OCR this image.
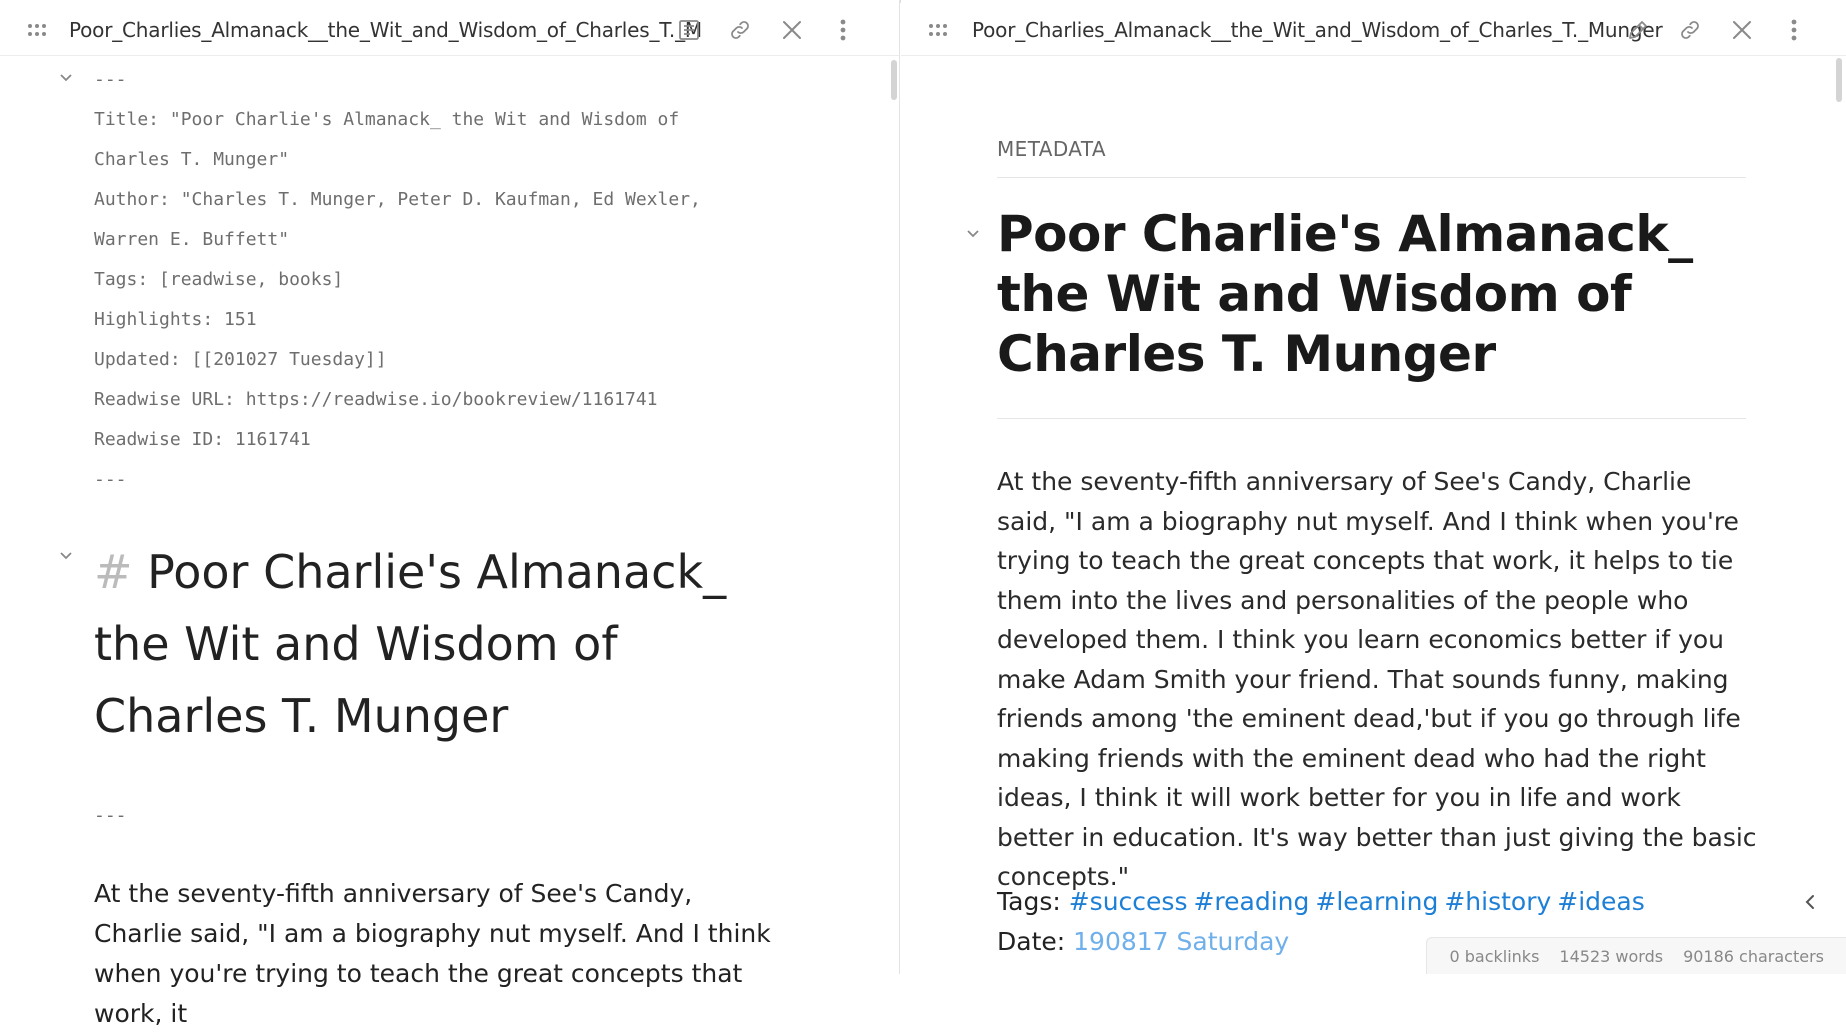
Poor_Charlies_Almanack__the_Wit_and_Wisdom_of_Charles_T._M
---
Title: "Poor Charlie's Almanack_ the Wit and Wisdom of
Charles T. Munger"
Author: "Charles T. Munger, Peter D. Kaufman, Ed Wexler,
Warren E. Buffett"
Tags: [readwise, books]
Highlights: 151
Updated: [[201027 Tuesday]]
Readwise URL: https://readwise.io/bookreview/1161741
Readwise ID: 1161741
---
# Poor Charlie's Almanack_ the Wit and Wisdom of Charles T. Munger
---
At the seventy-fifth anniversary of See's Candy, Charlie said, "I am a biography nut myself. And I think when you're trying to teach the great concepts that work, it
Poor_Charlies_Almanack__the_Wit_and_Wisdom_of_Charles_T._Munger
METADATA
Poor Charlie's Almanack_ the Wit and Wisdom of Charles T. Munger
At the seventy-fifth anniversary of See's Candy, Charlie said, "I am a biography nut myself. And I think when you're trying to teach the great concepts that work, it helps to tie them into the lives and personalities of the people who developed them. I think you learn economics better if you make Adam Smith your friend. That sounds funny, making friends among 'the eminent dead,'but if you go through life making friends with the eminent dead who had the right ideas, I think it will work better for you in life and work better in education. It's way better than just giving the basic concepts."
Tags: #success #reading #learning #history #ideas
Date: 190817 Saturday	0 backlinks 14523 words 90186 characters
